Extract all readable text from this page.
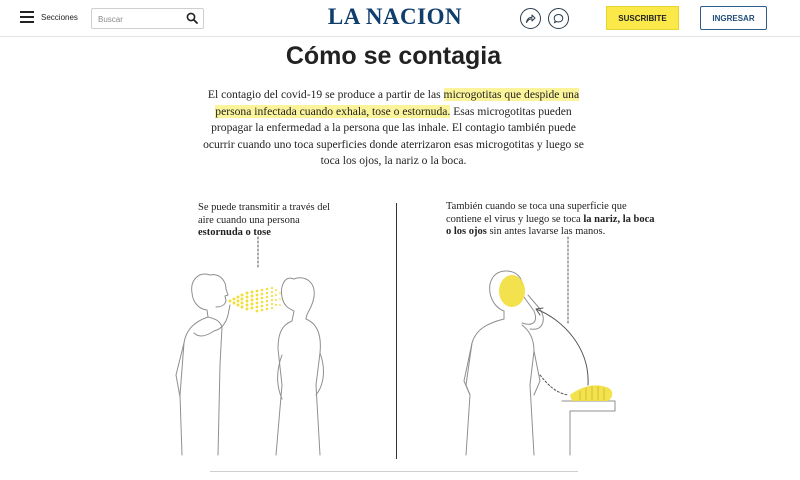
Secciones
Buscar	LA NACION	SUSCRIBITE	INGRESAR
Cómo se contagia

El contagio del covid-19 se produce a partir de las microgotitas que despide una persona infectada cuando exhala, tose o estornuda. Esas microgotitas pueden propagar la enfermedad a la persona que las inhale. El contagio también puede ocurrir cuando uno toca superficies donde aterrizaron esas microgotitas y luego se toca los ojos, la nariz o la boca.

Se puede transmitir a través del aire cuando una persona estornuda o tose

También cuando se toca una superficie que contiene el virus y luego se toca la nariz, la boca o los ojos sin antes lavarse las manos.
